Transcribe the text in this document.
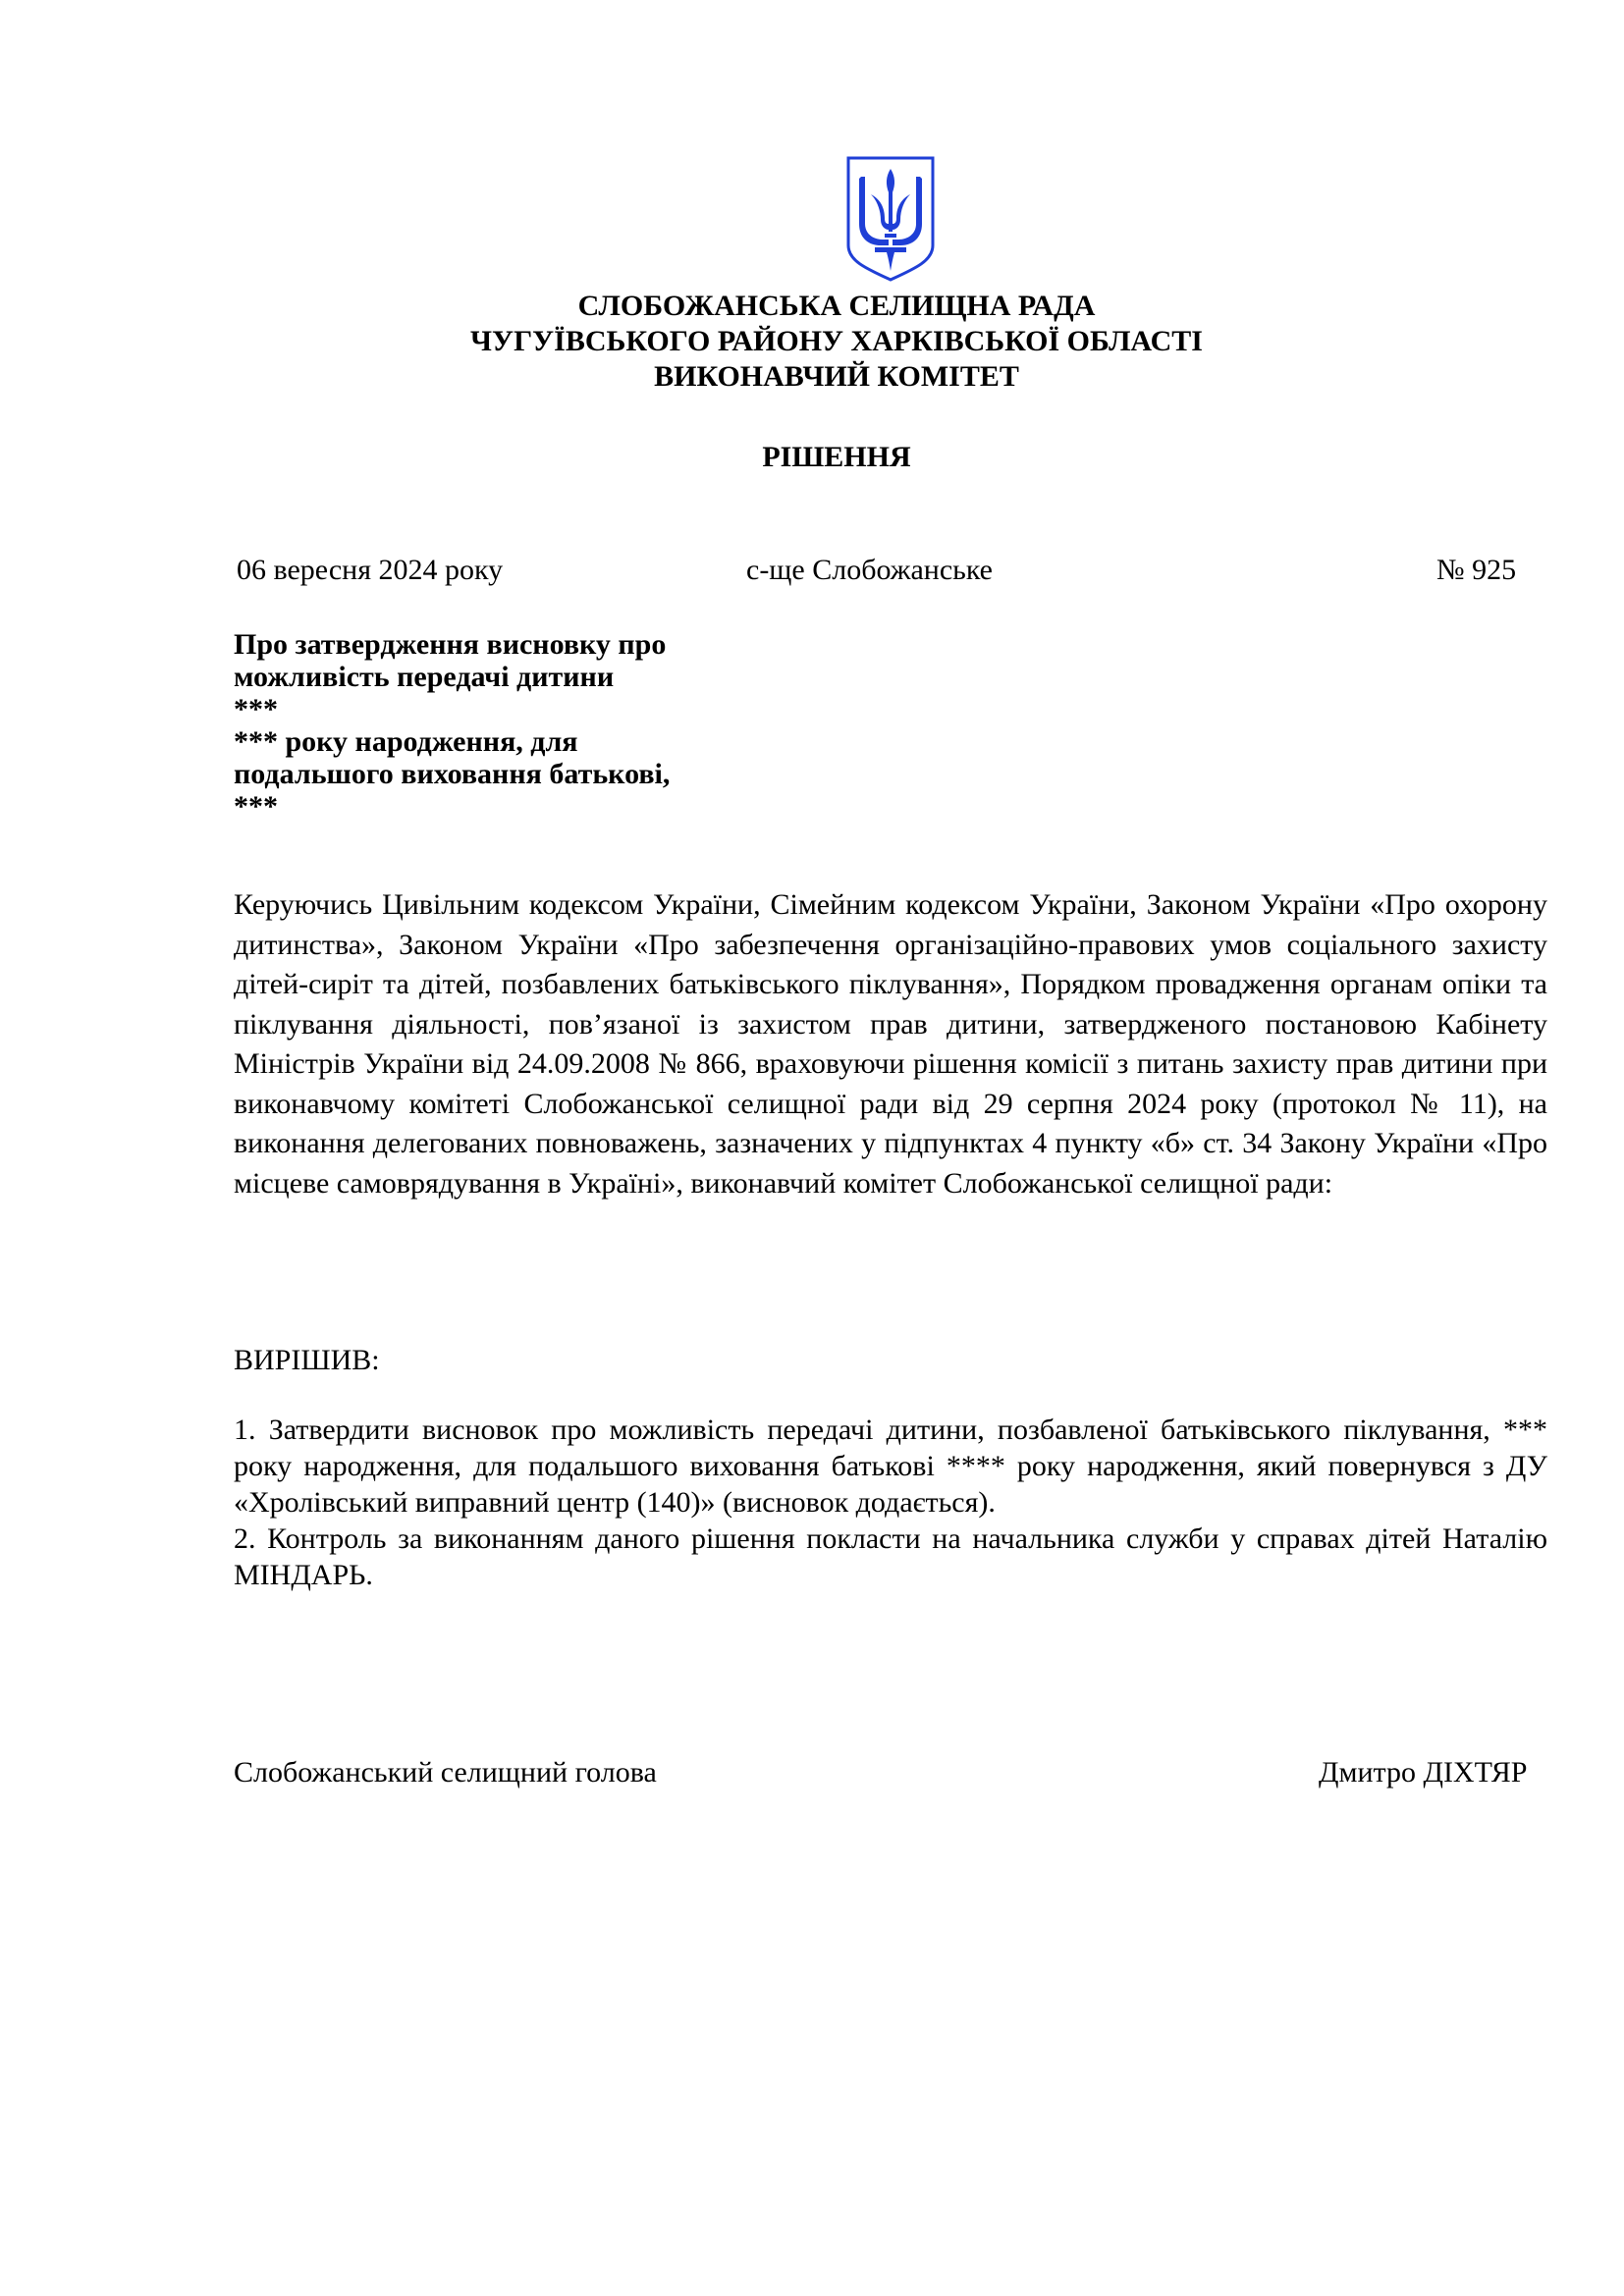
СЛОБОЖАНСЬКА СЕЛИЩНА РАДА
ЧУГУЇВСЬКОГО РАЙОНУ ХАРКІВСЬКОЇ ОБЛАСТІ
ВИКОНАВЧИЙ КОМІТЕТ
РІШЕННЯ
06 вересня 2024 року	с-ще Слобожанське	№ 925
Про затвердження висновку про
можливість передачі дитини
***
*** року народження, для
подальшого виховання батькові,
***
Керуючись Цивільним кодексом України, Сімейним кодексом України, Законом України «Про охорону дитинства», Законом України «Про забезпечення організаційно-правових умов соціального захисту дітей-сиріт та дітей, позбавлених батьківського піклування», Порядком провадження органам опіки та піклування діяльності, пов’язаної із захистом прав дитини, затвердженого постановою Кабінету Міністрів України від 24.09.2008 № 866, враховуючи рішення комісії з питань захисту прав дитини при виконавчому комітеті Слобожанської селищної ради від 29 серпня 2024 року (протокол № 11), на виконання делегованих повноважень, зазначених у підпунктах 4 пункту «б» ст. 34 Закону України «Про місцеве самоврядування в Україні», виконавчий комітет Слобожанської селищної ради:
ВИРІШИВ:

1. Затвердити висновок про можливість передачі дитини, позбавленої батьківського піклування, *** року народження, для подальшого виховання батькові **** року народження, який повернувся з ДУ «Хролівський виправний центр (140)» (висновок додається).

2. Контроль за виконанням даного рішення покласти на начальника служби у справах дітей Наталію МІНДАРЬ.

Слобожанський селищний голова	Дмитро ДІХТЯР
